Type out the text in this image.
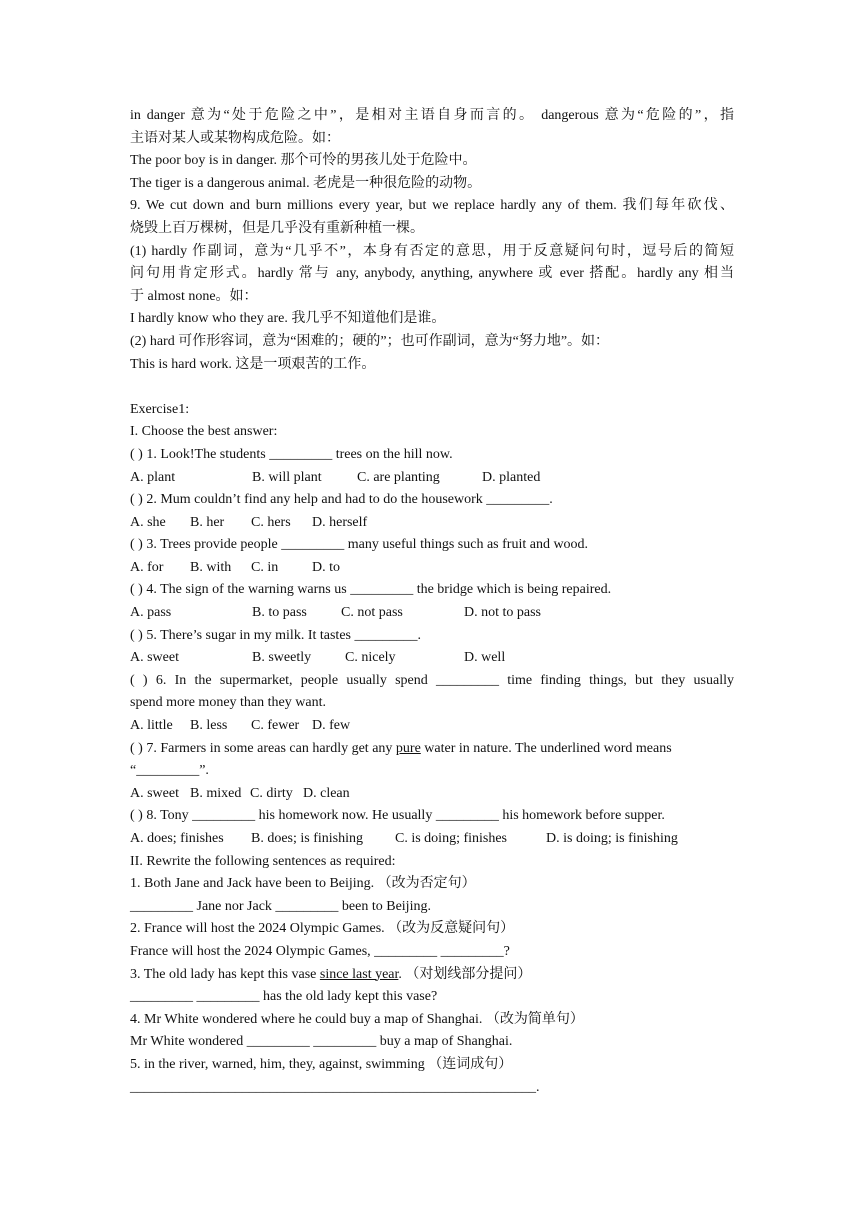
in danger 意为“处于危险之中”，是相对主语自身而言的。 dangerous 意为“危险的”，指
主语对某人或某物构成危险。如：
The poor boy is in danger. 那个可怜的男孩儿处于危险中。
The tiger is a dangerous animal. 老虎是一种很危险的动物。
9. We cut down and burn millions every year, but we replace hardly any of them. 我们每年砍伐、
烧毁上百万棵树，但是几乎没有重新种植一棵。
(1) hardly 作副词，意为“几乎不”，本身有否定的意思，用于反意疑问句时，逗号后的简短
问句用肯定形式。hardly 常与 any, anybody, anything, anywhere 或 ever 搭配。hardly any 相当
于 almost none。如：
I hardly know who they are. 我几乎不知道他们是谁。
(2) hard 可作形容词，意为“困难的；硬的”；也可作副词，意为“努力地”。如：
This is hard work. 这是一项艰苦的工作。
Exercise1:
I. Choose the best answer:
( ) 1. Look!The students _________ trees on the hill now.
A. plant	B. will plant	C. are planting	D. planted
( ) 2. Mum couldn’t find any help and had to do the housework _________.
A. she	B. her	C. hers	D. herself
( ) 3. Trees provide people _________ many useful things such as fruit and wood.
A. for	B. with	C. in	D. to
( ) 4. The sign of the warning warns us _________ the bridge which is being repaired.
A. pass	B. to pass	C. not pass	D. not to pass
( ) 5. There’s sugar in my milk. It tastes _________.
A. sweet	B. sweetly	C. nicely	D. well
( ) 6. In the supermarket, people usually spend _________ time finding things, but they usually
spend more money than they want.
A. little	B. less	C. fewer D. few
( ) 7. Farmers in some areas can hardly get any pure water in nature. The underlined word means
“_________”.
A. sweet B. mixed C. dirty D. clean
( ) 8. Tony _________ his homework now. He usually _________ his homework before supper.
A. does; finishes	B. does; is finishing	C. is doing; finishes	D. is doing; is finishing
II. Rewrite the following sentences as required:
1. Both Jane and Jack have been to Beijing. （改为否定句）
_________ Jane nor Jack _________ been to Beijing.
2. France will host the 2024 Olympic Games. （改为反意疑问句）
France will host the 2024 Olympic Games, _________ _________?
3. The old lady has kept this vase since last year. （对划线部分提问）
_________ _________ has the old lady kept this vase?
4. Mr White wondered where he could buy a map of Shanghai. （改为简单句）
Mr White wondered _________ _________ buy a map of Shanghai.
5. in the river, warned, him, they, against, swimming （连词成句）
__________________________________________________________.
